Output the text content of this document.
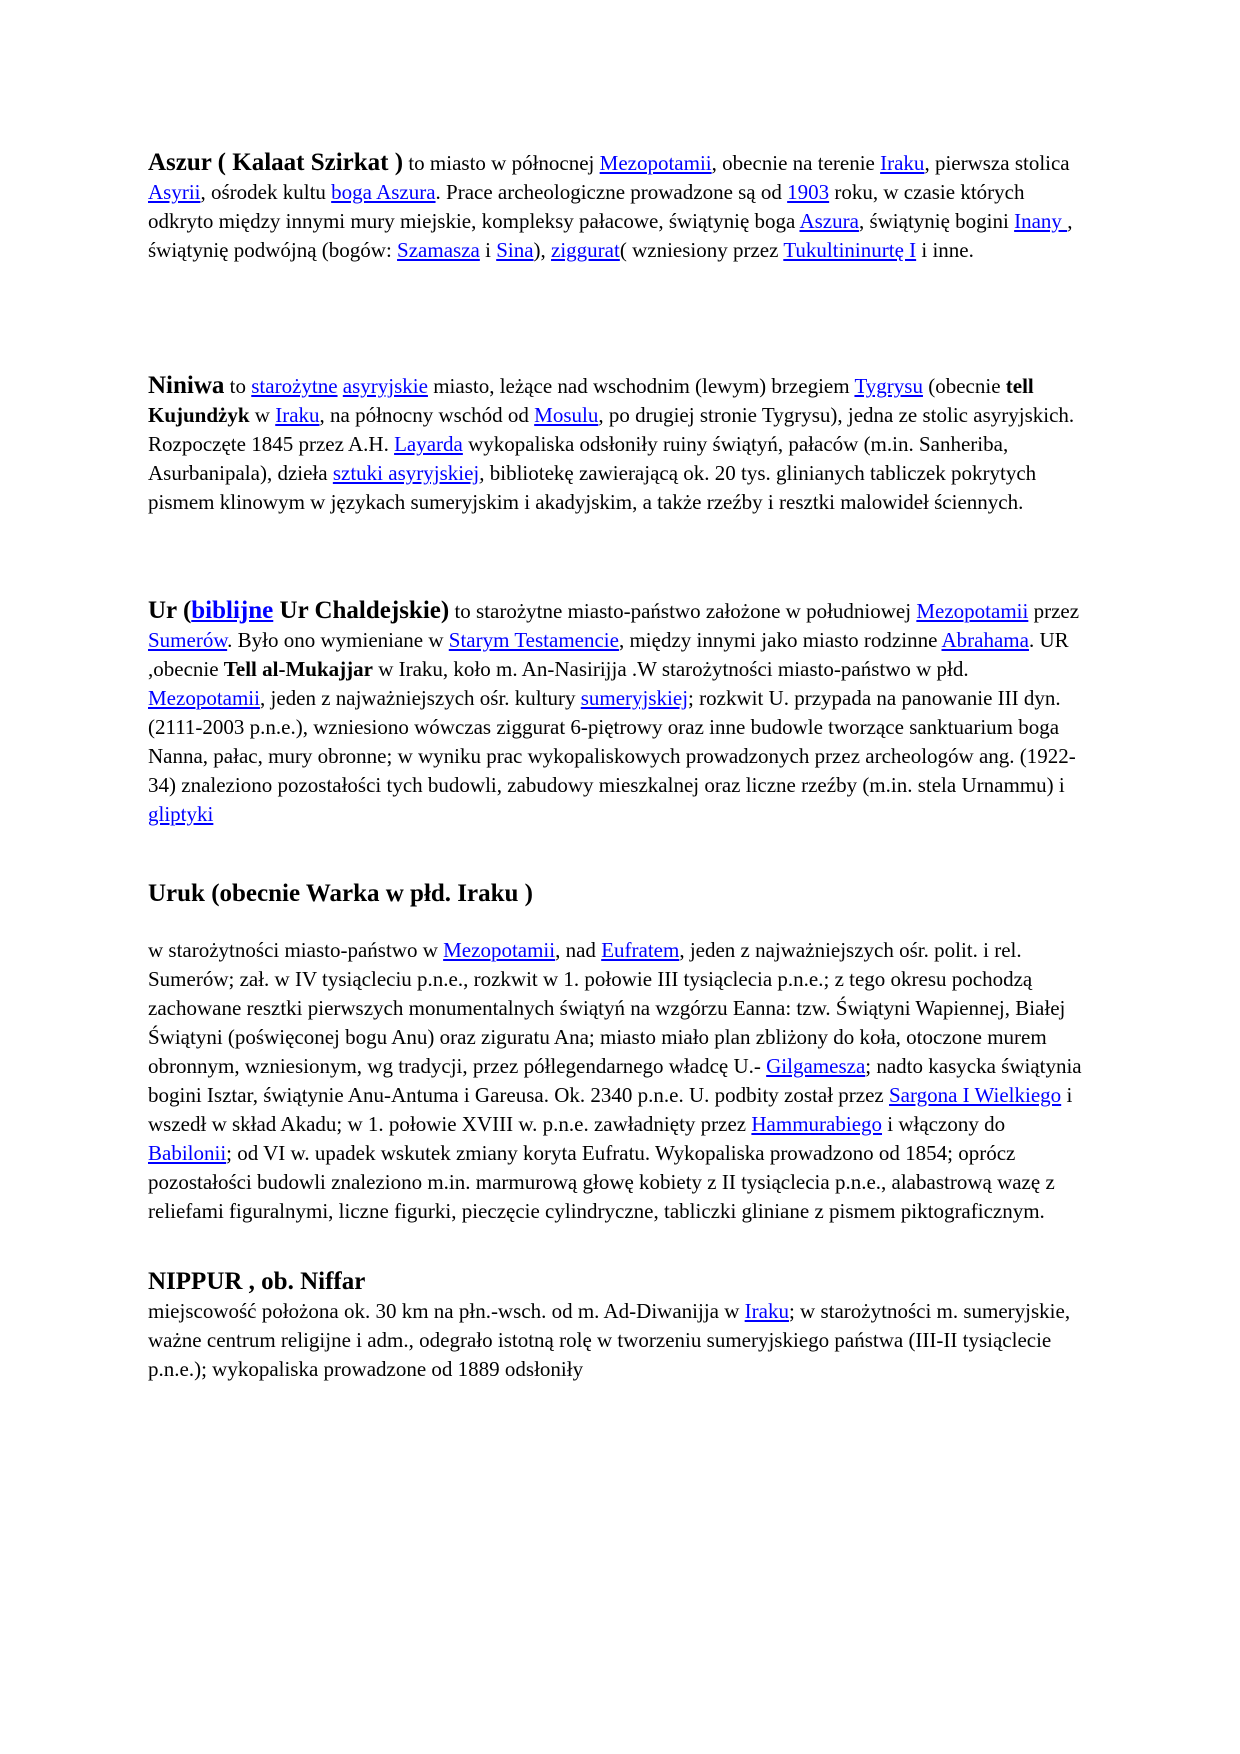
Aszur ( Kalaat Szirkat ) to miasto w północnej Mezopotamii, obecnie na terenie Iraku, pierwsza stolica Asyrii, ośrodek kultu boga Aszura. Prace archeologiczne prowadzone są od 1903 roku, w czasie których odkryto między innymi mury miejskie, kompleksy pałacowe, świątynię boga Aszura, świątynię bogini Inany , świątynię podwójną (bogów: Szamasza i Sina), ziggurat( wzniesiony przez Tukultininurtę I i inne.

Niniwa to starożytne asyryjskie miasto, leżące nad wschodnim (lewym) brzegiem Tygrysu (obecnie tell Kujundżyk w Iraku, na północny wschód od Mosulu, po drugiej stronie Tygrysu), jedna ze stolic asyryjskich. Rozpoczęte 1845 przez A.H. Layarda wykopaliska odsłoniły ruiny świątyń, pałaców (m.in. Sanheriba, Asurbanipala), dzieła sztuki asyryjskiej, bibliotekę zawierającą ok. 20 tys. glinianych tabliczek pokrytych pismem klinowym w językach sumeryjskim i akadyjskim, a także rzeźby i resztki malowideł ściennych.

Ur (biblijne Ur Chaldejskie) to starożytne miasto-państwo założone w południowej Mezopotamii przez Sumerów. Było ono wymieniane w Starym Testamencie, między innymi jako miasto rodzinne Abrahama. UR ,obecnie Tell al-Mukajjar w Iraku, koło m. An-Nasirijja .W starożytności miasto-państwo w płd. Mezopotamii, jeden z najważniejszych ośr. kultury sumeryjskiej; rozkwit U. przypada na panowanie III dyn. (2111-2003 p.n.e.), wzniesiono wówczas ziggurat 6-piętrowy oraz inne budowle tworzące sanktuarium boga Nanna, pałac, mury obronne; w wyniku prac wykopaliskowych prowadzonych przez archeologów ang. (1922-34) znaleziono pozostałości tych budowli, zabudowy mieszkalnej oraz liczne rzeźby (m.in. stela Urnammu) i gliptyki

Uruk (obecnie Warka w płd. Iraku )

w starożytności miasto-państwo w Mezopotamii, nad Eufratem, jeden z najważniejszych ośr. polit. i rel. Sumerów; zał. w IV tysiącleciu p.n.e., rozkwit w 1. połowie III tysiąclecia p.n.e.; z tego okresu pochodzą zachowane resztki pierwszych monumentalnych świątyń na wzgórzu Eanna: tzw. Świątyni Wapiennej, Białej Świątyni (poświęconej bogu Anu) oraz ziguratu Ana; miasto miało plan zbliżony do koła, otoczone murem obronnym, wzniesionym, wg tradycji, przez półlegendarnego władcę U.- Gilgamesza; nadto kasycka świątynia bogini Isztar, świątynie Anu-Antuma i Gareusa. Ok. 2340 p.n.e. U. podbity został przez Sargona I Wielkiego i wszedł w skład Akadu; w 1. połowie XVIII w. p.n.e. zawładnięty przez Hammurabiego i włączony do Babilonii; od VI w. upadek wskutek zmiany koryta Eufratu. Wykopaliska prowadzono od 1854; oprócz pozostałości budowli znaleziono m.in. marmurową głowę kobiety z II tysiąclecia p.n.e., alabastrową wazę z reliefami figuralnymi, liczne figurki, pieczęcie cylindryczne, tabliczki gliniane z pismem piktograficznym.

NIPPUR , ob. Niffar

miejscowość położona ok. 30 km na płn.-wsch. od m. Ad-Diwanijja w Iraku; w starożytności m. sumeryjskie, ważne centrum religijne i adm., odegrało istotną rolę w tworzeniu sumeryjskiego państwa (III-II tysiąclecie p.n.e.); wykopaliska prowadzone od 1889 odsłoniły
